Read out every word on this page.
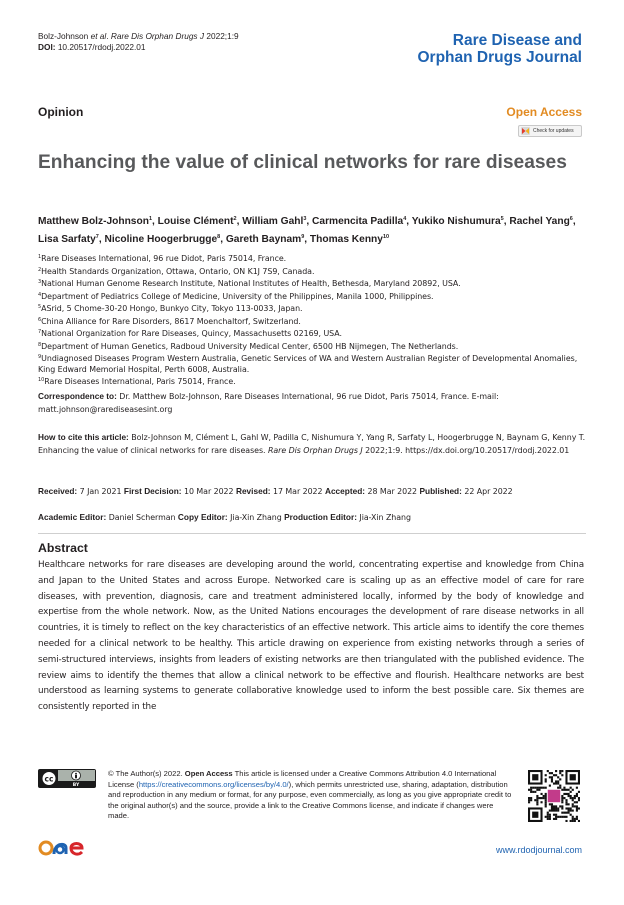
Bolz-Johnson et al. Rare Dis Orphan Drugs J 2022;1:9
DOI: 10.20517/rdodj.2022.01	Rare Disease and
Orphan Drugs Journal
Opinion	Open Access
Check for updates
Enhancing the value of clinical networks for rare diseases
Matthew Bolz-Johnson$^1$, Louise Clément$^2$, William Gahl$^3$, Carmencita Padilla$^4$, Yukiko Nishumura$^5$, Rachel Yang$^6$, Lisa Sarfaty$^7$, Nicoline Hoogerbrugge$^8$, Gareth Baynam$^9$, Thomas Kenny$^{10}$
$^1$Rare Diseases International, 96 rue Didot, Paris 75014, France.
$^2$Health Standards Organization, Ottawa, Ontario, ON K1J 7S9, Canada.
$^3$National Human Genome Research Institute, National Institutes of Health, Bethesda, Maryland 20892, USA.
$^4$Department of Pediatrics College of Medicine, University of the Philippines, Manila 1000, Philippines.
$^5$ASrid, 5 Chome-30-20 Hongo, Bunkyo City, Tokyo 113-0033, Japan.
$^6$China Alliance for Rare Disorders, 8617 Moenchaltorf, Switzerland.
$^7$National Organization for Rare Diseases, Quincy, Massachusetts 02169, USA.
$^8$Department of Human Genetics, Radboud University Medical Center, 6500 HB Nijmegen, The Netherlands.
$^9$Undiagnosed Diseases Program Western Australia, Genetic Services of WA and Western Australian Register of Developmental Anomalies, King Edward Memorial Hospital, Perth 6008, Australia.
$^{10}$Rare Diseases International, Paris 75014, France.
Correspondence to: Dr. Matthew Bolz-Johnson, Rare Diseases International, 96 rue Didot, Paris 75014, France. E-mail: matt.johnson@rarediseasesint.org
How to cite this article: Bolz-Johnson M, Clément L, Gahl W, Padilla C, Nishumura Y, Yang R, Sarfaty L, Hoogerbrugge N, Baynam G, Kenny T. Enhancing the value of clinical networks for rare diseases. Rare Dis Orphan Drugs J 2022;1:9. https://dx.doi.org/10.20517/rdodj.2022.01
Received: 7 Jan 2021 First Decision: 10 Mar 2022 Revised: 17 Mar 2022 Accepted: 28 Mar 2022 Published: 22 Apr 2022
Academic Editor: Daniel Scherman Copy Editor: Jia-Xin Zhang Production Editor: Jia-Xin Zhang
Abstract
Healthcare networks for rare diseases are developing around the world, concentrating expertise and knowledge from China and Japan to the United States and across Europe. Networked care is scaling up as an effective model of care for rare diseases, with prevention, diagnosis, care and treatment administered locally, informed by the body of knowledge and expertise from the whole network. Now, as the United Nations encourages the development of rare disease networks in all countries, it is timely to reflect on the key characteristics of an effective network. This article aims to identify the core themes needed for a clinical network to be healthy. This article drawing on experience from existing networks through a series of semi-structured interviews, insights from leaders of existing networks are then triangulated with the published evidence. The review aims to identify the themes that allow a clinical network to be effective and flourish. Healthcare networks are best understood as learning systems to generate collaborative knowledge used to inform the best possible care. Six themes are consistently reported in the
cc
BY
© The Author(s) 2022. Open Access This article is licensed under a Creative Commons Attribution 4.0 International License (https://creativecommons.org/licenses/by/4.0/), which permits unrestricted use, sharing, adaptation, distribution and reproduction in any medium or format, for any purpose, even commercially, as long as you give appropriate credit to the original author(s) and the source, provide a link to the Creative Commons license, and indicate if changes were made.
www.rdodjournal.com
